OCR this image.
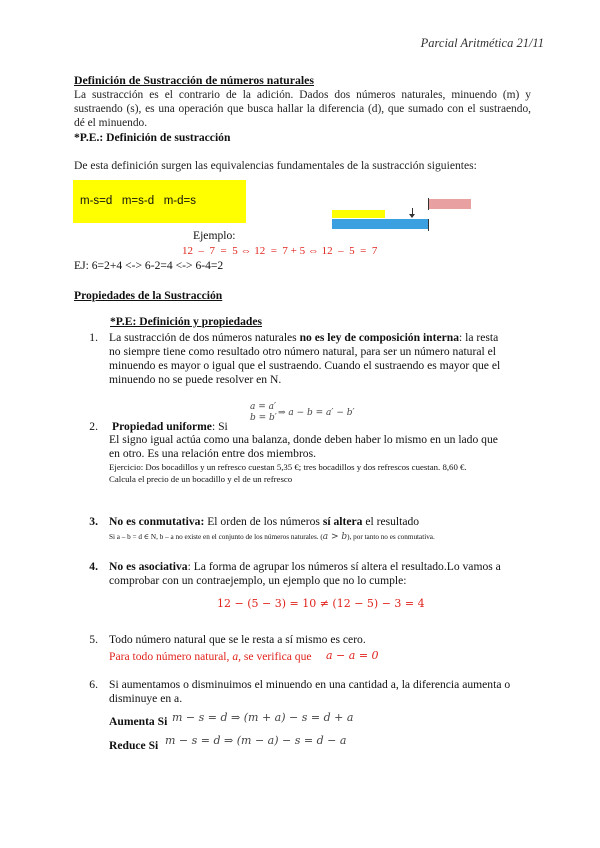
Parcial Aritmética 21/11
Definición de Sustracción de números naturales
La sustracción es el contrario de la adición. Dados dos números naturales, minuendo (m) y sustraendo (s), es una operación que busca hallar la diferencia (d), que sumado con el sustraendo, dé el minuendo.
*P.E.: Definición de sustracción
De esta definición surgen las equivalencias fundamentales de la sustracción siguientes:
m-s=d   m=s-d   m-d=s
Ejemplo:
12  –  7  =  5 ⇔ 12  =  7 + 5 ⇔ 12  –  5  =  7
EJ: 6=2+4 <-> 6-2=4 <-> 6-4=2
Propiedades de la Sustracción
*P.E: Definición y propiedades
1. La sustracción de dos números naturales no es ley de composición interna: la resta
no siempre tiene como resultado otro número natural, para ser un número natural el
minuendo es mayor o igual que el sustraendo. Cuando el sustraendo es mayor que el
minuendo no se puede resolver en N.
2. Propiedad uniforme: Si
a = a′
b = b′ ⇒ a − b = a′ − b′
El signo igual actúa como una balanza, donde deben haber lo mismo en un lado que
en otro. Es una relación entre dos miembros.
Ejercicio: Dos bocadillos y un refresco cuestan 5,35 €; tres bocadillos y dos refrescos cuestan. 8,60 €.
Calcula el precio de un bocadillo y el de un refresco
3. No es conmutativa: El orden de los números sí altera el resultado
Si a – b = d ∈ N, b – a no existe en el conjunto de los números naturales. (a > b), por tanto no es conmutativa.
4. No es asociativa: La forma de agrupar los números sí altera el resultado.Lo vamos a
comprobar con un contraejemplo, un ejemplo que no lo cumple:
12 − (5 − 3) = 10 ≠ (12 − 5) − 3 = 4
5. Todo número natural que se le resta a sí mismo es cero.
Para todo número natural, a, se verifica que a − a = 0
6. Si aumentamos o disminuimos el minuendo en una cantidad a, la diferencia aumenta o
disminuye en a.
Aumenta Si m − s = d ⇒ (m + a) − s = d + a
Reduce Si m − s = d ⇒ (m − a) − s = d − a
